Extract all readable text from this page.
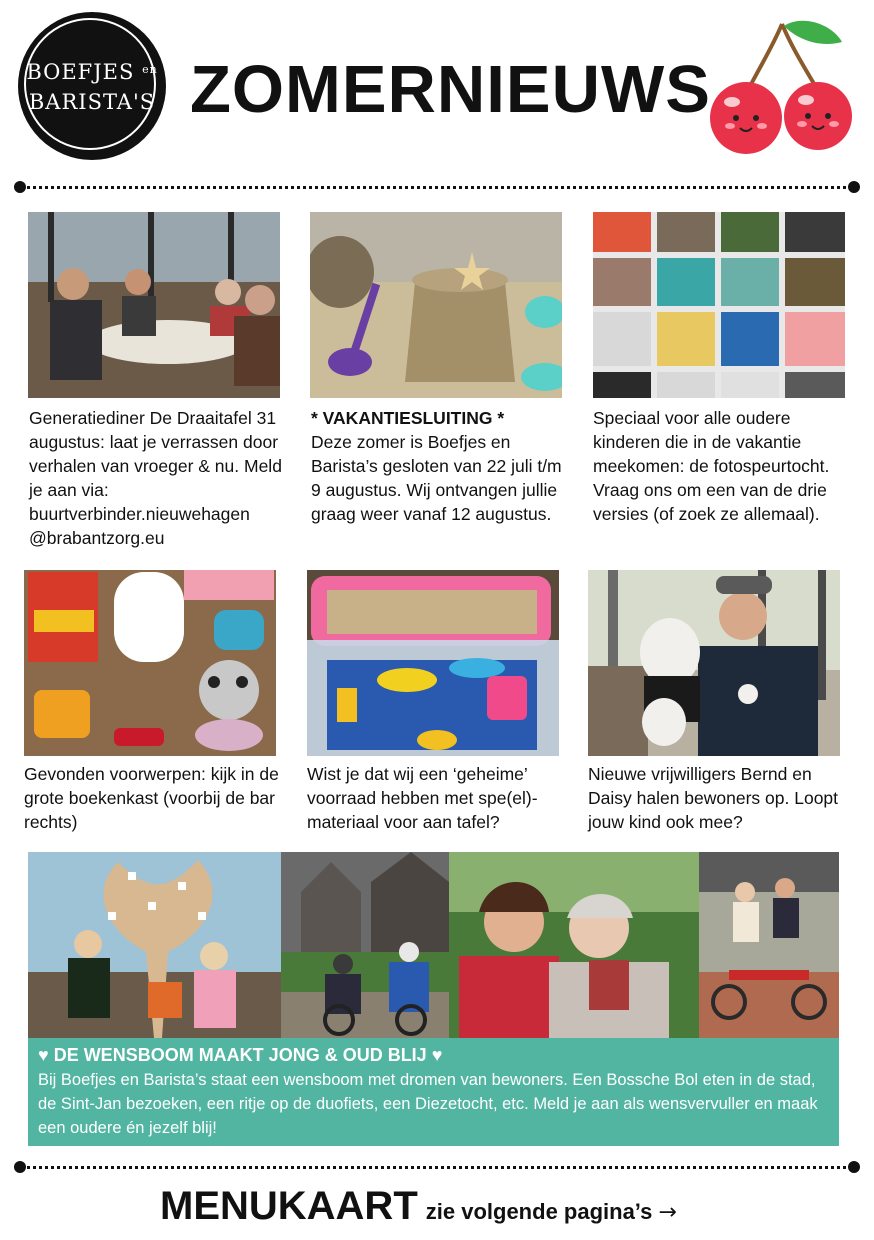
BOEFJES $^{en}$
BARISTA'S ZOMERNIEUWS
Generatiediner De Draaitafel 31 augustus: laat je verrassen door verhalen van vroeger & nu. Meld je aan via: buurtverbinder.nieuwehagen @brabantzorg.eu
* VAKANTIESLUITING *
Deze zomer is Boefjes en Barista’s gesloten van 22 juli t/m 9 augustus. Wij ontvangen jullie graag weer vanaf 12 augustus.
Speciaal voor alle oudere kinderen die in de vakantie meekomen: de fotospeurtocht. Vraag ons om een van de drie versies (of zoek ze allemaal).
Gevonden voorwerpen: kijk in de grote boekenkast (voorbij de bar rechts)
Wist je dat wij een ‘geheime’ voorraad hebben met spe(el)-materiaal voor aan tafel?
Nieuwe vrijwilligers Bernd en Daisy halen bewoners op. Loopt jouw kind ook mee?
♥ DE WENSBOOM MAAKT JONG & OUD BLIJ ♥
Bij Boefjes en Barista’s staat een wensboom met dromen van bewoners. Een Bossche Bol eten in de stad, de Sint-Jan bezoeken, een ritje op de duofiets, een Diezetocht, etc. Meld je aan als wensvervuller en maak een oudere én jezelf blij!
MENUKAART zie volgende pagina’s →
